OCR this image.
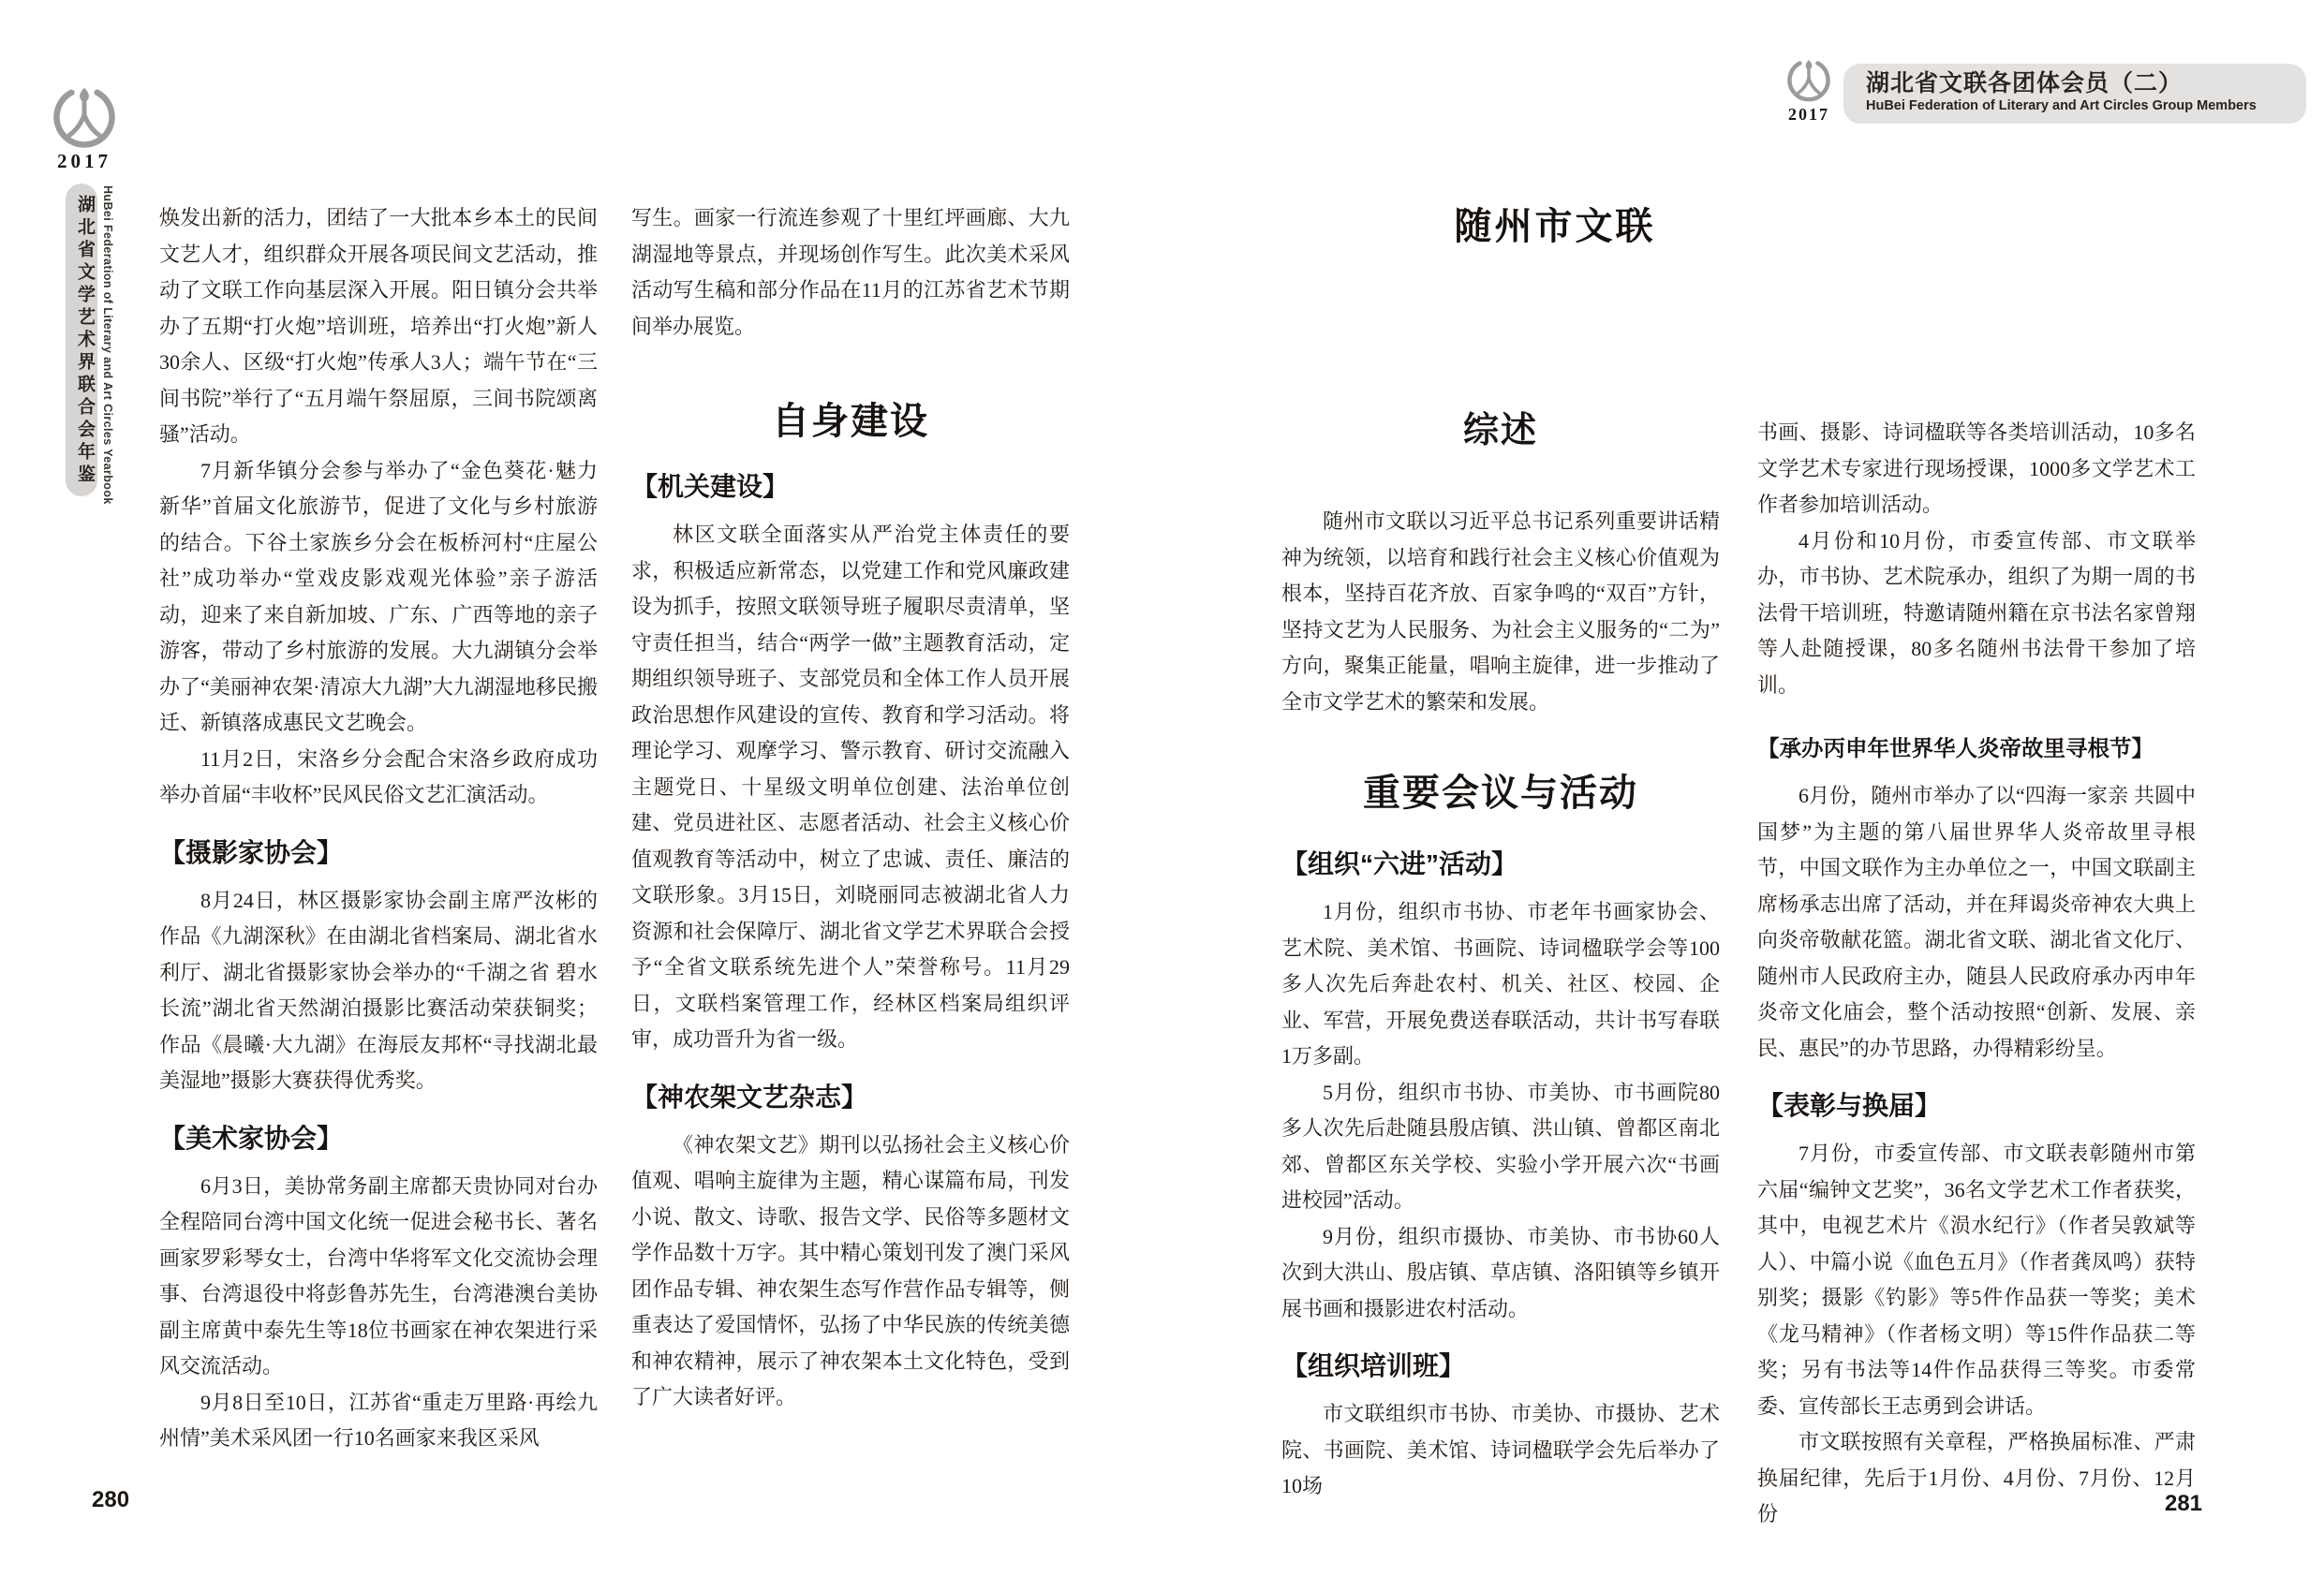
2017
湖北省文学艺术界联合会年鉴 HuBei Federation of Literary and Art Circles Yearbook
2017
湖北省文联各团体会员（二）
HuBei Federation of Literary and Art Circles Group Members

焕发出新的活力，团结了一大批本乡本土的民间文艺人才，组织群众开展各项民间文艺活动，推动了文联工作向基层深入开展。阳日镇分会共举办了五期“打火炮”培训班，培养出“打火炮”新人30余人、区级“打火炮”传承人3人；端午节在“三间书院”举行了“五月端午祭屈原，三间书院颂离骚”活动。

7月新华镇分会参与举办了“金色葵花·魅力新华”首届文化旅游节，促进了文化与乡村旅游的结合。下谷土家族乡分会在板桥河村“庄屋公社”成功举办“堂戏皮影戏观光体验”亲子游活动，迎来了来自新加坡、广东、广西等地的亲子游客，带动了乡村旅游的发展。大九湖镇分会举办了“美丽神农架·清凉大九湖”大九湖湿地移民搬迁、新镇落成惠民文艺晚会。

11月2日，宋洛乡分会配合宋洛乡政府成功举办首届“丰收杯”民风民俗文艺汇演活动。

【摄影家协会】

8月24日，林区摄影家协会副主席严汝彬的作品《九湖深秋》在由湖北省档案局、湖北省水利厅、湖北省摄影家协会举办的“千湖之省 碧水长流”湖北省天然湖泊摄影比赛活动荣获铜奖；作品《晨曦·大九湖》在海辰友邦杯“寻找湖北最美湿地”摄影大赛获得优秀奖。

【美术家协会】

6月3日，美协常务副主席都天贵协同对台办全程陪同台湾中国文化统一促进会秘书长、著名画家罗彩琴女士，台湾中华将军文化交流协会理事、台湾退役中将彭鲁苏先生，台湾港澳台美协副主席黄中泰先生等18位书画家在神农架进行采风交流活动。

9月8日至10日，江苏省“重走万里路·再绘九州情”美术采风团一行10名画家来我区采风

写生。画家一行流连参观了十里红坪画廊、大九湖湿地等景点，并现场创作写生。此次美术采风活动写生稿和部分作品在11月的江苏省艺术节期间举办展览。

自身建设
【机关建设】

林区文联全面落实从严治党主体责任的要求，积极适应新常态，以党建工作和党风廉政建设为抓手，按照文联领导班子履职尽责清单，坚守责任担当，结合“两学一做”主题教育活动，定期组织领导班子、支部党员和全体工作人员开展政治思想作风建设的宣传、教育和学习活动。将理论学习、观摩学习、警示教育、研讨交流融入主题党日、十星级文明单位创建、法治单位创建、党员进社区、志愿者活动、社会主义核心价值观教育等活动中，树立了忠诚、责任、廉洁的文联形象。3月15日，刘晓丽同志被湖北省人力资源和社会保障厅、湖北省文学艺术界联合会授予“全省文联系统先进个人”荣誉称号。11月29日，文联档案管理工作，经林区档案局组织评审，成功晋升为省一级。

【神农架文艺杂志】

《神农架文艺》期刊以弘扬社会主义核心价值观、唱响主旋律为主题，精心谋篇布局，刊发小说、散文、诗歌、报告文学、民俗等多题材文学作品数十万字。其中精心策划刊发了澳门采风团作品专辑、神农架生态写作营作品专辑等，侧重表达了爱国情怀，弘扬了中华民族的传统美德和神农精神，展示了神农架本土文化特色，受到了广大读者好评。

280
随州市文联
综述

随州市文联以习近平总书记系列重要讲话精神为统领，以培育和践行社会主义核心价值观为根本，坚持百花齐放、百家争鸣的“双百”方针，坚持文艺为人民服务、为社会主义服务的“二为”方向，聚集正能量，唱响主旋律，进一步推动了全市文学艺术的繁荣和发展。

重要会议与活动
【组织“六进”活动】

1月份，组织市书协、市老年书画家协会、艺术院、美术馆、书画院、诗词楹联学会等100多人次先后奔赴农村、机关、社区、校园、企业、军营，开展免费送春联活动，共计书写春联1万多副。

5月份，组织市书协、市美协、市书画院80多人次先后赴随县殷店镇、洪山镇、曾都区南北郊、曾都区东关学校、实验小学开展六次“书画进校园”活动。

9月份，组织市摄协、市美协、市书协60人次到大洪山、殷店镇、草店镇、洛阳镇等乡镇开展书画和摄影进农村活动。

【组织培训班】

市文联组织市书协、市美协、市摄协、艺术院、书画院、美术馆、诗词楹联学会先后举办了10场

书画、摄影、诗词楹联等各类培训活动，10多名文学艺术专家进行现场授课，1000多文学艺术工作者参加培训活动。

4月份和10月份，市委宣传部、市文联举办，市书协、艺术院承办，组织了为期一周的书法骨干培训班，特邀请随州籍在京书法名家曾翔等人赴随授课，80多名随州书法骨干参加了培训。

【承办丙申年世界华人炎帝故里寻根节】

6月份，随州市举办了以“四海一家亲 共圆中国梦”为主题的第八届世界华人炎帝故里寻根节，中国文联作为主办单位之一，中国文联副主席杨承志出席了活动，并在拜谒炎帝神农大典上向炎帝敬献花篮。湖北省文联、湖北省文化厅、随州市人民政府主办，随县人民政府承办丙申年炎帝文化庙会，整个活动按照“创新、发展、亲民、惠民”的办节思路，办得精彩纷呈。

【表彰与换届】

7月份，市委宣传部、市文联表彰随州市第六届“编钟文艺奖”，36名文学艺术工作者获奖，其中，电视艺术片《涢水纪行》（作者吴敦斌等人）、中篇小说《血色五月》（作者龚凤鸣）获特别奖；摄影《钓影》等5件作品获一等奖；美术《龙马精神》（作者杨文明）等15件作品获二等奖；另有书法等14件作品获得三等奖。市委常委、宣传部长王志勇到会讲话。

市文联按照有关章程，严格换届标准、严肃换届纪律，先后于1月份、4月份、7月份、12月份	281
